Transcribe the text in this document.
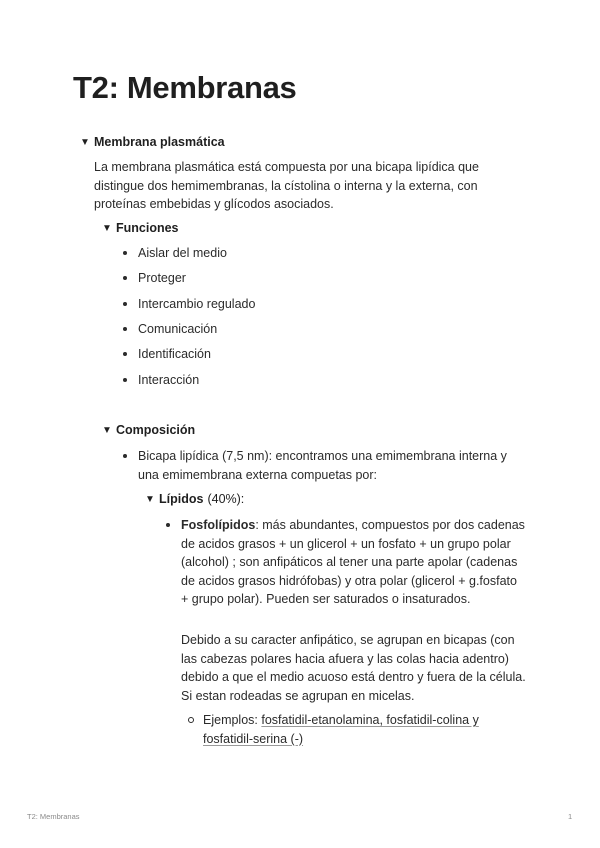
T2: Membranas
▼ Membrana plasmática

La membrana plasmática está compuesta por una bicapa lipídica que distingue dos hemimembranas, la cístolina o interna y la externa, con proteínas embebidas y glícodos asociados.

▼ Funciones
Aislar del medio
Proteger
Intercambio regulado
Comunicación
Identificación
Interacción
▼ Composición
Bicapa lipídica (7,5 nm): encontramos una emimembrana interna y una emimembrana externa compuetas por:
▼ Lípidos (40%):
Fosfolípidos: más abundantes, compuestos por dos cadenas de acidos grasos + un glicerol + un fosfato + un grupo polar (alcohol) ; son anfipáticos al tener una parte apolar (cadenas de acidos grasos hidrófobas) y otra polar (glicerol + g.fosfato + grupo polar). Pueden ser saturados o insaturados.

Debido a su caracter anfipático, se agrupan en bicapas (con las cabezas polares hacia afuera y las colas hacia adentro) debido a que el medio acuoso está dentro y fuera de la célula. Si estan rodeadas se agrupan en micelas.

Ejemplos: fosfatidil-etanolamina, fosfatidil-colina y fosfatidil-serina (-)
T2: Membranas	1
